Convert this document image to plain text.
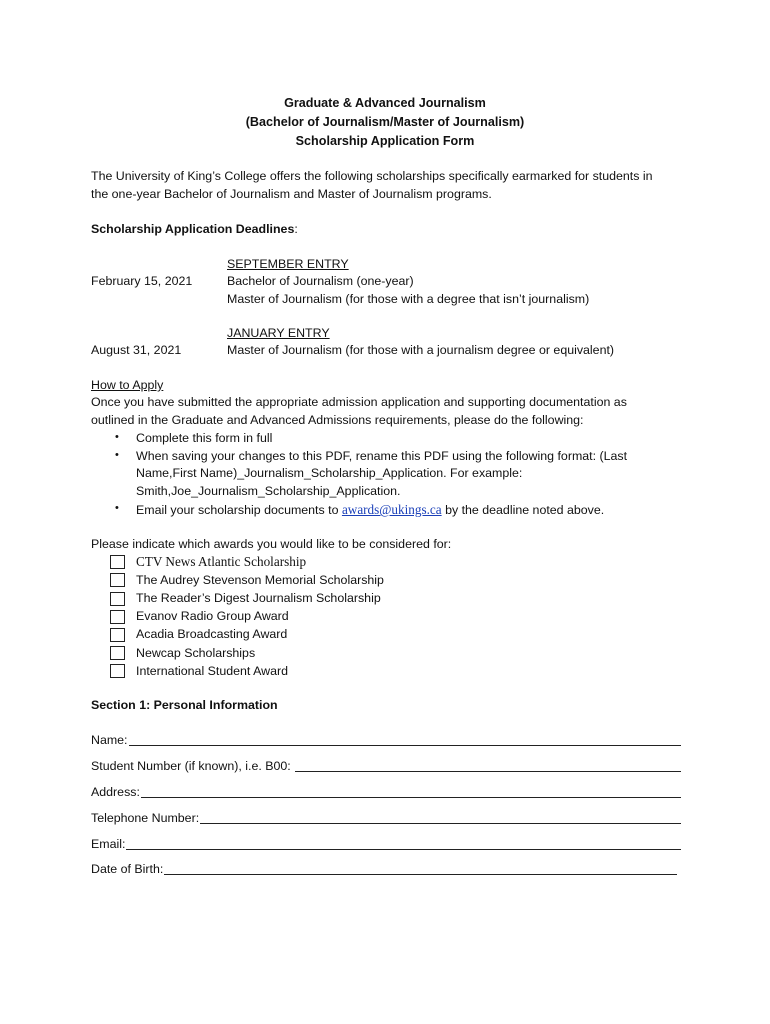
Graduate & Advanced Journalism
(Bachelor of Journalism/Master of Journalism)
Scholarship Application Form
The University of King’s College offers the following scholarships specifically earmarked for students in
the one-year Bachelor of Journalism and Master of Journalism programs.
Scholarship Application Deadlines:
SEPTEMBER ENTRY
February 15, 2021	Bachelor of Journalism (one-year)
Master of Journalism (for those with a degree that isn’t journalism)
JANUARY ENTRY
August 31, 2021	Master of Journalism (for those with a journalism degree or equivalent)
How to Apply
Once you have submitted the appropriate admission application and supporting documentation as
outlined in the Graduate and Advanced Admissions requirements, please do the following:
• Complete this form in full
• When saving your changes to this PDF, rename this PDF using the following format: (Last
Name,First Name)_Journalism_Scholarship_Application. For example:
Smith,Joe_Journalism_Scholarship_Application.
• Email your scholarship documents to awards@ukings.ca by the deadline noted above.
Please indicate which awards you would like to be considered for:
CTV News Atlantic Scholarship
The Audrey Stevenson Memorial Scholarship
The Reader’s Digest Journalism Scholarship
Evanov Radio Group Award
Acadia Broadcasting Award
Newcap Scholarships
International Student Award
Section 1: Personal Information
Name:
Student Number (if known), i.e. B00:
Address:
Telephone Number:
Email:
Date of Birth:
